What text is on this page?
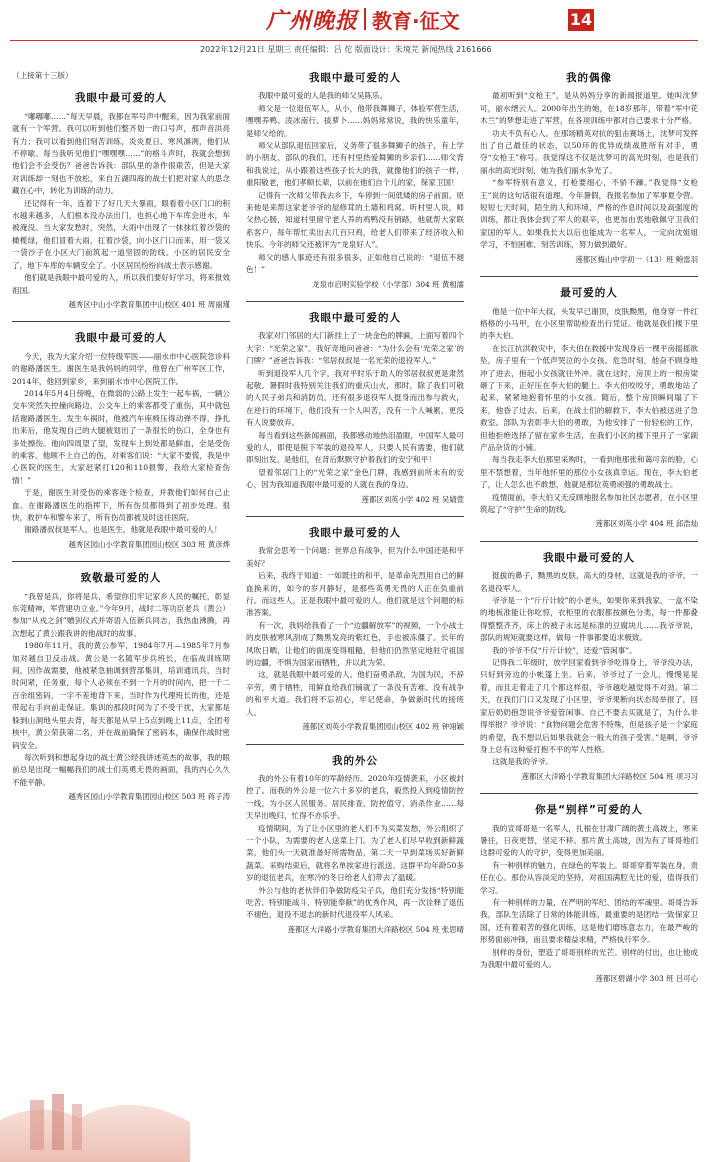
广州晚报 教育·征文	14
2022年12月21日 星期三 责任编辑：吕 佗 版面设计：朱境芫 新闻热线 2161666
（上接第十三版）
我眼中最可爱的人

“嘟嘟嘟……”每天早晨，我都在军号声中醒来，因为我家前面就有一个军营。我可以听到他们整齐划一的口号声，那声音洪亮有力；我可以看到他们刻苦训练，炎炎夏日、寒风凛冽，他们从不停歇。每当我听见他们“嘿嘿嘿……”的格斗声时，我就会想到他们会不会受伤？爸爸告诉我：部队里的条件很艰苦，但是大家对训练却一刻也不放松，来自五湖四海的战士们把对家人的思念藏在心中，转化为训练的动力。

还记得有一年，连着下了好几天大暴雨，眼看着小区门口的积水越来越多，人们根本没办法出门，也担心地下车库会进水，车被淹没。当大家发愁时，突然，大雨中出现了一抹抹红着沙袋的橄榄绿，他们冒着大雨，扛着沙袋，向小区门口而来，用一袋又一袋沙子在小区大门前筑起一道坚固的防线。小区的居民安全了，地下车库的车辆安全了。小区居民纷纷向战士表示感谢。

他们就是我眼中最可爱的人，所以我们要好好学习，将来报效祖国。

越秀区中山小学教育集团中山校区 401 班 周丽瑾
我眼中最可爱的人

今天，我为大家介绍一位特级军医——丽水市中心医院急诊科的谢路潘医生。谢医生是我妈妈的同学，他曾在广州军区工作，2014年，他回到家乡，来到丽水市中心医院工作。

2014年5月4日傍晚，在微弱的公路上发生一起车祸，一辆公交车突然失控撞向路边，公交车上的乘客都受了重伤，其中就包括谢路潘医生。发生车祸时，他被汽车座椅压得动弹不得，挣扎出来后，他发现自己的大腿被划出了一条很长的伤口，全身也有多处擦伤。他向四周望了望，发现车上到处都是鲜血，全是受伤的乘客。他顾不上自己的伤，对乘客们说：“大家不要慌，我是中心医院的医生，大家赶紧打120和110报警，我给大家检查伤情！”

于是，谢医生对受伤的乘客逐个检查，并教他们如何自己止血。在谢路潘医生的指挥下，所有伤员都得到了初步处理。很快，救护车和警车来了，所有伤员都被及时送往医院。

谢路潘叔叔是军人，也是医生，他就是我眼中最可爱的人！

越秀区园山小学教育集团园山校区 303 班 黄彦烨
致敬最可爱的人

“我曾是兵，你将是兵，希望你们牢记家乡人民的嘱托，彰显东莞精神，军营建功立业。”今年9月，战时二等功臣老兵（黄公）参加“从戎之剑”赠剑仪式并寄语入伍新兵同志，我热血沸腾，再次想起了黄公跟我讲的他战时的故事。

1980年11月，我的黄公参军，1984年7月—1985年7月参加对越自卫反击战。黄公是一名随军步兵班长，在临战训练期间，因作战需要，他被紧急抽调到营部集训，培训通讯兵，当时时间紧，任务重，每个人必须在不到一个月的时间内，把一千二百余组密码，一字不差地背下来，当时作为代理班长的他，还是带起右手向前走保证。集训的那段时间为了不受干扰，大家都是躲到山洞地头里去背，每天都是从早上5点到晚上11点，全团考核中，黄公荣获第二名，并在战前确保了密码本，确保作战时密码安全。

每次听到和想起身边的战士黄公经我讲述英杰的故事，我的眼前总是出现一幅幅我们的战士们英勇无畏的画面，我的内心久久不能平静。

越秀区园山小学教育集团园山校区 503 班 蒋子涛
我眼中最可爱的人

我眼中最可爱的人是我的师父吴陈乐。

师父是一位退伍军人，从小，他带我舞狮子，体验军营生活，嘿嘿养鸭、凌冰南行、拔萝卜……妈妈常常说，我的快乐童年，是师父给的。

师父从部队退伍回家后，义务带了很多舞狮子的孩子，有上学的小朋友、部队的我们，还有村里热爱舞狮的乡亲们……师父背和我说过，从小跟着这些孩子长大的我，就像他们的孩子一样，重阳敬老，他们孝顺长辈，以前在他们自个儿的家，保家卫国！

记得有一次师父带我去乡下，车停到一间低矮的房子前面。原来他是来帮这家老爷爷的屋修茸的土墙和鸡窝。听村里人说，师父热心肠，知道村里留守老人养的鸡鸭没有销路，他就帮大家联系客户，每年帮忙卖出去几百只鸡，给老人们带来了经济收入和快乐。今年的师父还被评为“龙泉好人”。

师父的感人事迹还有很多很多，正如他自己说的：“退伍不褪色！”

龙泉市启明实验学校（小学部）304 班 黄相濡
我眼中最可爱的人

我家对门邻居的大门新挂上了一块金色的牌匾，上面写着四个大字：“光荣之家”。我好奇地问爸爸：“为什么会有‘光荣之家’的门牌？”爸爸告诉我：“邻居叔叔是一名光荣的退役军人。”

听到退役军人几个字，我对平时乐于助人的邻居叔叔更是肃然起敬。暑假时我特别关注我们的重庆山火，那时，除了我们可敬的人民子弟兵和消防员，还有很多退役军人挺身而出参与救火，在逆行的环境下，他们没有一个人叫苦，没有一个人喊累，更没有人说要放弃。

每当看到这些新闻画面，我都感动地热泪盈眶，中国军人最可爱的人，即使是脱下军装的退役军人，只要人民有需要，他们就即刻出发。是他们，在背后默默守护着我们的安宁和平！

望着邻居门上的“光荣之家”金色门牌，我感到前所未有的安心，因为我知道我眼中最可爱的人就在我的身边。

莲都区刘英小学 402 班 吴婧萱
我眼中最可爱的人

我常会思考一个问题：世界总有战争，但为什么中国还是和平美好？

后来，我终于知道：一如既往的和平，是革命先烈用自己的鲜血换来的，如今的岁月静好，是那些英勇无畏的人正在负重前行。而这些人，正是我眼中最可爱的人。他们就是这个问题的标准答案。

有一次，我妈给我看了一个“边疆解放军”的视频，一个小战士的皮肤被寒风刮成了黝黑发亮的紫红色，手也被冻僵了。长年的风吹日晒，让他们的面庞变得粗糙，但他们仍然坚定地驻守祖国的边疆，不惧为国家而牺牲，并以此为荣。

这，就是我眼中最可爱的人。他们奋勇杀敌，为国为民，不辞辛劳，勇于牺牲，用鲜血给我们铺就了一条没有苦难、没有战争的和平大道。我们将不忘初心，牢记使命，争做新时代的接班人。

莲都区刘英小学教育集团园山校区 402 班 钟翊颖
我的外公

我的外公有着10年的军龄经历。2020年疫情袭来，小区被封控了。而我的外公是一位六十多岁的老兵，毅然投入到疫情防控一线，为小区人民服务。居民排查、防控值守、消杀作业……每天早出晚归，忙得不亦乐乎。

疫情期间，为了让小区里的老人们不为买菜发愁，外公组织了一个小队，为需要的老人送菜上门。为了老人们尽早收到新鲜蔬菜，他们头一天就准备好所需物品，第二天一早到菜场买好新鲜蔬菜。采购结束后，就将名单挨家进行派送。这群平均年龄50多岁的退伍老兵，在寒冷的冬日给老人们带去了温暖。

外公与他的老伙伴们争做防疫尖子兵，他们充分发扬“特别能吃苦、特别能战斗、特别能奉献”的优秀作风，再一次诠释了退伍不褪色，退役不退志的新时代退役军人风采。

莲都区大洋路小学教育集团大洋路校区 504 班 张思晴
我的偶像

最初听到“女枪王”，是从妈妈分享的新闻报道里。她叫沈梦可，丽水缙云人。2000年出生的她，在18岁那年，带着“军中花木兰”的梦想走进了军营，在各项训练中都对自己要求十分严格。

功夫不负有心人。在那场精英对抗的狙击赛场上，沈梦可发挥出了自己最佳的状态，以50环的优异成绩战胜所有对手，勇夺“女枪王”称号。我觉得这不仅是沈梦可的高光时刻，也是我们丽水的高光时刻，她为我们丽水争光了。

“参军特别有意义，打枪要细心，不骄不躁。”我觉得“女枪王”说的这句话很有道理。今年暑假，我报名参加了军事夏令营。短短七天时间，陌生的人和环境，严格的作息时间以及高强度的训练，都让我体会到了军人的艰辛，也更加由衷地敬佩守卫我们家国的军人。如果我长大以后也能成为一名军人，一定向沈姐姐学习，不怕困难、刻苦训练，努力做到最好。

莲都区梅山中学初一（13）班 鲍雷羽
最可爱的人

他是一位中年大叔，头发早已谢顶，皮肤黝黑，他身穿一件红格格的小马甲，在小区里帮助检查出行凭证。他就是我们楼下里的李大伯。

在长江抗洪救灾中，李大伯在救援中发现身后一棵平房摇摇欲坠，房子里有一个低声哭泣的小女孩。危急时刻，他奋不顾身地冲了进去，抱起小女孩就往外冲。就在这时，房顶上的一根房梁砸了下来，正好压在李大伯的腿上。李大伯咬咬牙，勇敢地站了起来，紧紧地抱着怀里的小女孩。随后，整个房顶瞬间塌了下来，他昏了过去。后来，在战士们的解救下，李大伯被送进了急救室。部队为表彰李大伯的勇敢，为他安排了一份轻松的工作，但他拒绝选择了留在家乡生活，在我们小区的楼下里开了一家副产品杂货的小铺。

每当我走李大伯那里采购时，一看到他那张和蔼可亲的脸，心里不禁想着，当年他怀里的那位小女孩真幸运。现在，李大伯老了，让人怎么也不敢想，他就是那位英勇顽强的勇敢战士。

疫情面前，李大伯又无反顾地报名参加社区志愿者，在小区里筑起了“守护”生命的防线。

莲都区刘英小学 404 班 邱浩灿
我眼中最可爱的人

挺拔的鼻子，黝黑的皮肤，高大的身材，这就是我的爷爷，一名退役军人。

爷爷是一个“斤斤计较”的小老头，如果你来到我家，一盒不染的地板准能让你吃惊，衣柜里的衣服都按颜色分类，每一件都叠得整整齐齐，床上的被子永远是标准的豆腐块儿……我爷爷说，部队的规矩就要这样，做每一件事都要追求极致。

我的爷爷不仅“斤斤计较”，还爱“管闲事”。

记得我二年级时，放学回家看到爷爷吃得身上，爷爷没办法，只好到旁边的小帐篷上坐。后来，爷爷过了一会儿，慢慢晃晃着，而且走着走了几个都这样很，爷爷越吃越觉得不对劲。第二天，在我们门口又发现了小区里，爷爷果断向状态局举报了，回家后奶奶抱怨说爷爷爱管闲事。自己不要去买就是了，为什么非得举报？爷爷说：“食物问题会危害不特殊，但是孩子是一个家庭的希望，我不想以后如果我就会一般大的孩子受害。”是啊，爷爷身上总有这种爱打抱不平的军人性格。

这就是我的爷爷。

莲都区大洋路小学教育集团大洋路校区 504 班 项习习
你是“别样”可爱的人

我的宣哥哥是一名军人，扎根在甘肃广阔的黄土高坡上，寒来暑往，日夜更替，坚定不移。那片黄土高坡，因为有了哥哥他们这群可爱的人的守护，变得更加美丽。

有一种别样的魅力，在绿色的军装上。哥哥穿着军装在身，责任在心。那份从容淡定的坚持，对祖国满腔无比的爱，值得我们学习。

有一种别样的力量，在严明的军纪、团结的军魂里。哥哥告诉我，部队生活除了日常的体能训练，最重要的是团结一致保家卫国，还有着艰苦的强化训练，这是他们磨练意志力，在最严峻的形势面前冲锋，而且要求精益求精，严格执行军令。

别样的身份，塑造了哥哥别样的光芒。别样的付出，也让他成为我眼中最可爱的人。

莲都区碧湖小学 303 班 吕可心
